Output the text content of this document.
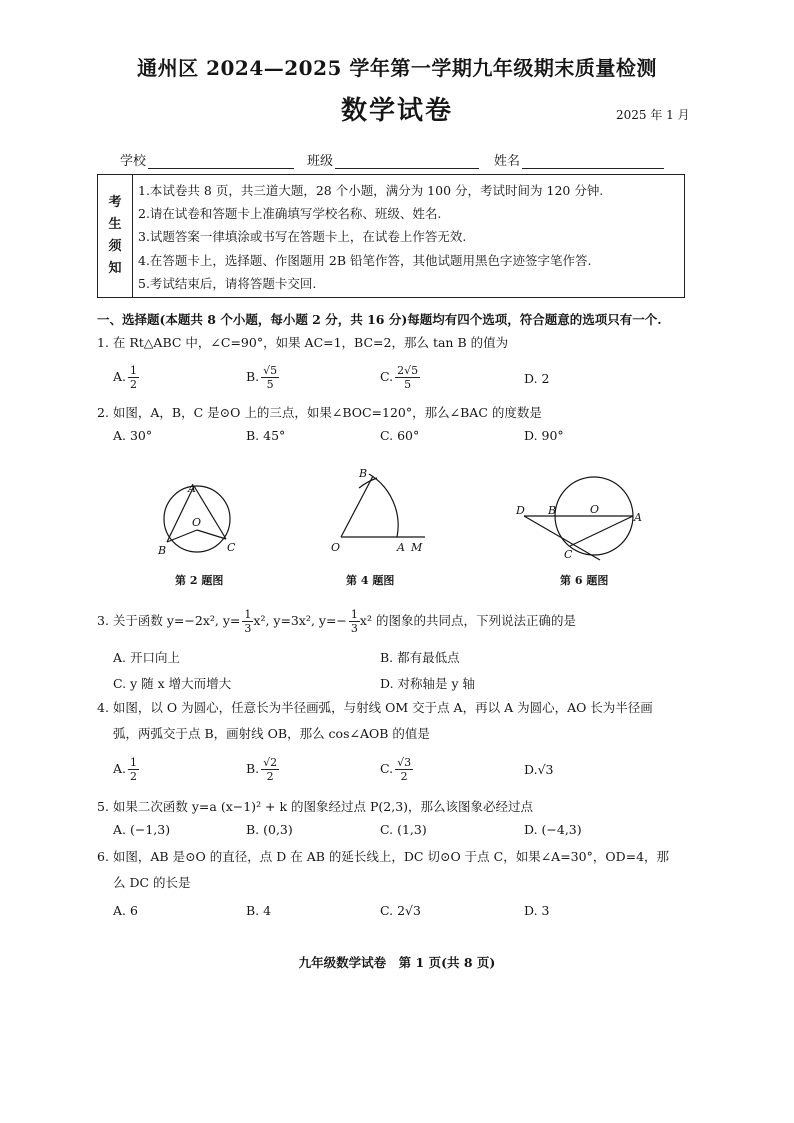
通州区 2024—2025 学年第一学期九年级期末质量检测
数学试卷	2025 年 1 月
学校	班级	姓名
考
生
须
知
1.本试卷共 8 页，共三道大题，28 个小题，满分为 100 分，考试时间为 120 分钟.
2.请在试卷和答题卡上准确填写学校名称、班级、姓名.
3.试题答案一律填涂或书写在答题卡上，在试卷上作答无效.
4.在答题卡上，选择题、作图题用 2B 铅笔作答，其他试题用黑色字迹签字笔作答.
5.考试结束后，请将答题卡交回.
一、选择题(本题共 8 个小题，每小题 2 分，共 16 分)每题均有四个选项，符合题意的选项只有一个.
1. 在 Rt△ABC 中，∠C=90°，如果 AC=1，BC=2，那么 tan B 的值为
A. $\frac{1}{2}$	B. $\frac{√5}{5}$	C. $\frac{2√5}{5}$	D. 2
2. 如图，A，B，C 是⊙O 上的三点，如果∠BOC=120°，那么∠BAC 的度数是
A. 30°	B. 45°	C. 60°	D. 90°
A
O
B	C
第 2 题图
B
O	A M
第 4 题图
D B	O
A
C
第 6 题图
3. 关于函数 y=−2x², $y= \frac{1}{3} x^2$, y=3x², $y=- \frac{1}{3} x^2$ 的图象的共同点，下列说法正确的是
A. 开口向上	B. 都有最低点
C. y 随 x 增大而增大	D. 对称轴是 y 轴
4. 如图，以 O 为圆心，任意长为半径画弧，与射线 OM 交于点 A，再以 A 为圆心，AO 长为半径画
弧，两弧交于点 B，画射线 OB，那么 cos∠AOB 的值是
A. $\frac{1}{2}$	B. $\frac{√2}{2}$	C. $\frac{√3}{2}$	D.√3
5. 如果二次函数 y=a (x−1)² + k 的图象经过点 P(2,3)，那么该图象必经过点
A. (−1,3)	B. (0,3)	C. (1,3)	D. (−4,3)
6. 如图，AB 是⊙O 的直径，点 D 在 AB 的延长线上，DC 切⊙O 于点 C，如果∠A=30°，OD=4，那
么 DC 的长是
A. 6	B. 4	C. 2√3	D. 3
九年级数学试卷　第 1 页(共 8 页)
